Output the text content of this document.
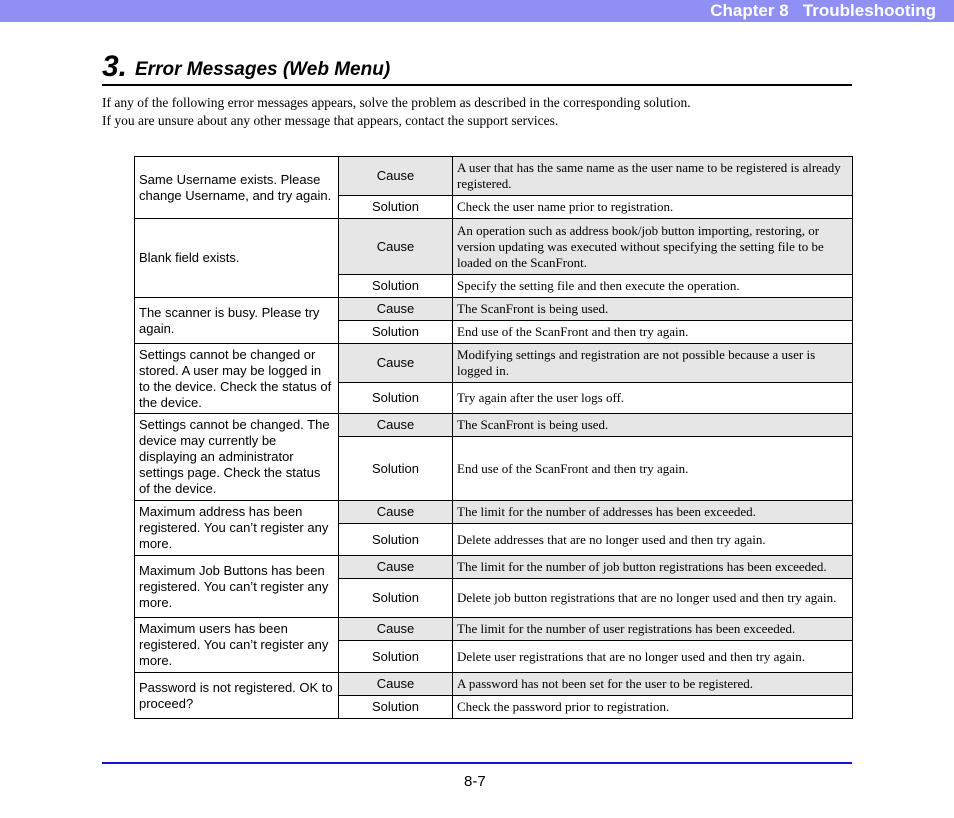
Chapter 8   Troubleshooting
3. Error Messages (Web Menu)

If any of the following error messages appears, solve the problem as described in the corresponding solution.

If you are unsure about any other message that appears, contact the support services.

Same Username exists. Please change Username, and try again.	Cause	A user that has the same name as the user name to be registered is already registered.
	Solution	Check the user name prior to registration.
Blank field exists.	Cause	An operation such as address book/job button importing, restoring, or version updating was executed without specifying the setting file to be loaded on the ScanFront.
	Solution	Specify the setting file and then execute the operation.
The scanner is busy. Please try again.	Cause	The ScanFront is being used.
	Solution	End use of the ScanFront and then try again.
Settings cannot be changed or stored. A user may be logged in to the device. Check the status of the device.	Cause	Modifying settings and registration are not possible because a user is logged in.
	Solution	Try again after the user logs off.
Settings cannot be changed. The device may currently be displaying an administrator settings page. Check the status of the device.	Cause	The ScanFront is being used.
	Solution	End use of the ScanFront and then try again.
Maximum address has been registered. You can’t register any more.	Cause	The limit for the number of addresses has been exceeded.
	Solution	Delete addresses that are no longer used and then try again.
Maximum Job Buttons has been registered. You can’t register any more.	Cause	The limit for the number of job button registrations has been exceeded.
	Solution	Delete job button registrations that are no longer used and then try again.
Maximum users has been registered. You can’t register any more.	Cause	The limit for the number of user registrations has been exceeded.
	Solution	Delete user registrations that are no longer used and then try again.
Password is not registered. OK to proceed?	Cause	A password has not been set for the user to be registered.
	Solution	Check the password prior to registration.
8-7
